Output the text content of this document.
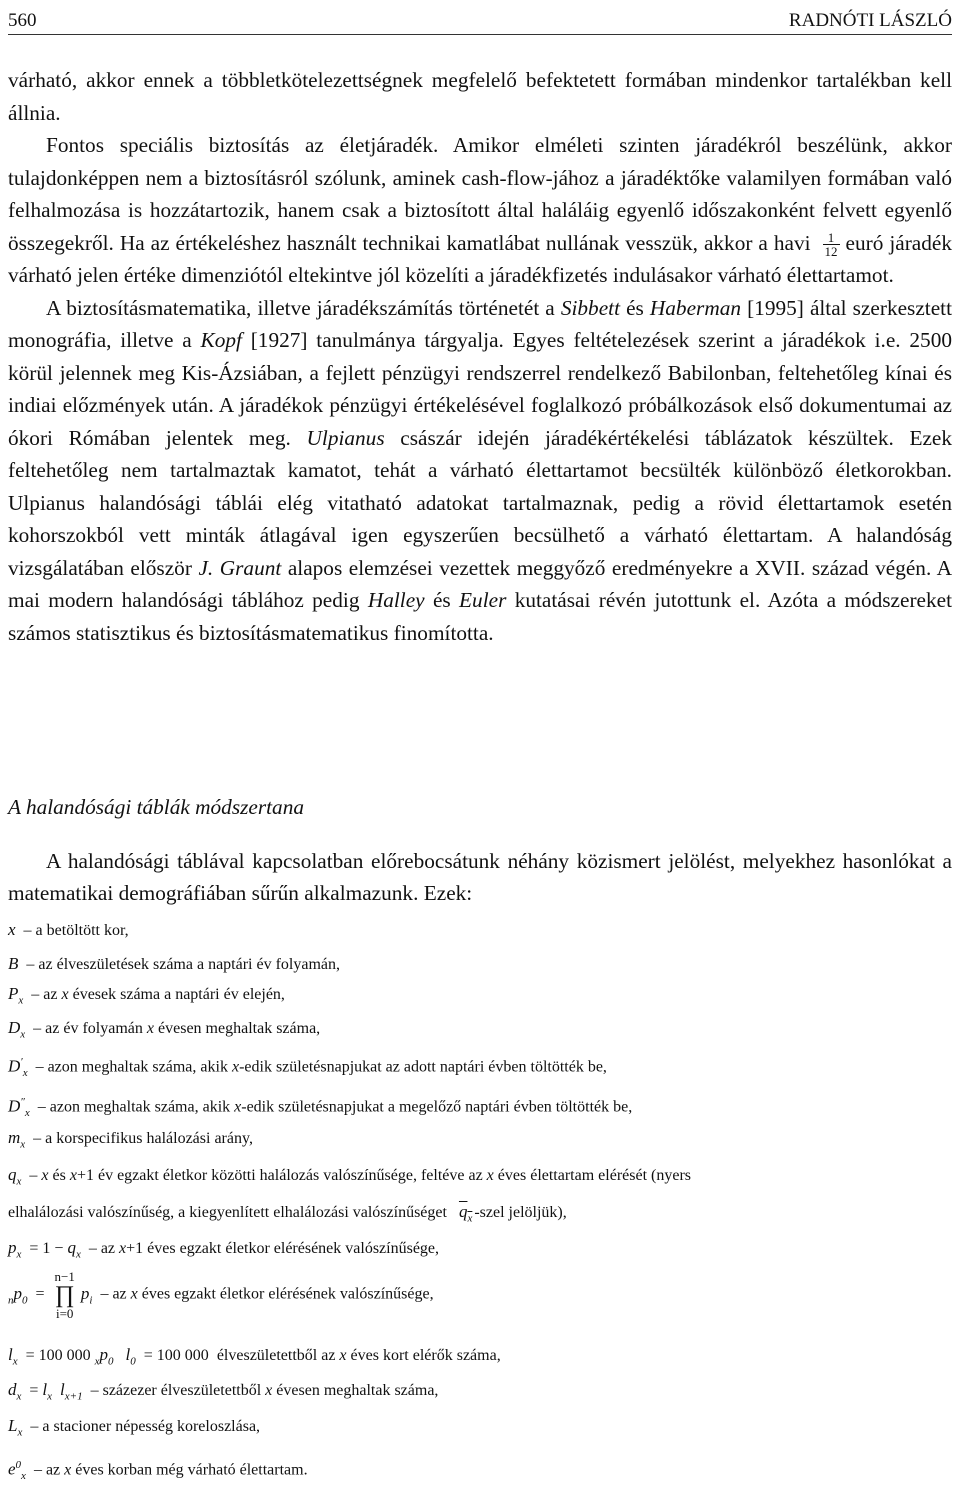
560	RADNÓTI LÁSZLÓ

várható, akkor ennek a többletkötelezettségnek megfelelő befektetett formában mindenkor tartalékban kell állnia.

Fontos speciális biztosítás az életjáradék. Amikor elméleti szinten járadékról beszélünk, akkor tulajdonképpen nem a biztosításról szólunk, aminek cash-flow-jához a járadéktőke valamilyen formában való felhalmozása is hozzátartozik, hanem csak a biztosított által haláláig egyenlő időszakonként felvett egyenlő összegekről. Ha az értékeléshez használt technikai kamatlábat nullának vesszük, akkor a havi $\frac{1}{12}$ euró járadék várható jelen értéke dimenziótól eltekintve jól közelíti a járadékfizetés indulásakor várható élettartamot.

A biztosításmatematika, illetve járadékszámítás történetét a Sibbett és Haberman [1995] által szerkesztett monográfia, illetve a Kopf [1927] tanulmánya tárgyalja. Egyes feltételezések szerint a járadékok i.e. 2500 körül jelennek meg Kis-Ázsiában, a fejlett pénzügyi rendszerrel rendelkező Babilonban, feltehetőleg kínai és indiai előzmények után. A járadékok pénzügyi értékelésével foglalkozó próbálkozások első dokumentumai az ókori Rómában jelentek meg. Ulpianus császár idején járadékértékelési táblázatok készültek. Ezek feltehetőleg nem tartalmaztak kamatot, tehát a várható élettartamot becsülték különböző életkorokban. Ulpianus halandósági táblái elég vitatható adatokat tartalmaznak, pedig a rövid élettartamok esetén kohorszokból vett minták átlagával igen egyszerűen becsülhető a várható élettartam. A halandóság vizsgálatában először J. Graunt alapos elemzései vezettek meggyőző eredményekre a XVII. század végén. A mai modern halandósági táblához pedig Halley és Euler kutatásai révén jutottunk el. Azóta a módszereket számos statisztikus és biztosításmatematikus finomította.

A halandósági táblák módszertana

A halandósági táblával kapcsolatban előrebocsátunk néhány közismert jelölést, melyekhez hasonlókat a matematikai demográfiában sűrűn alkalmazunk. Ezek:

x – a betöltött kor,
B – az élveszületések száma a naptári év folyamán,
$P_x$ – az x évesek száma a naptári év elején,
$D_x$ – az év folyamán x évesen meghaltak száma,
$D'_x$ – azon meghaltak száma, akik x-edik születésnapjukat az adott naptári évben töltötték be,
$D''_x$ – azon meghaltak száma, akik x-edik születésnapjukat a megelőző naptári évben töltötték be,
$m_x$ – a korspecifikus halálozási arány,
$q_x$ – x és x+1 év egzakt életkor közötti halálozás valószínűsége, feltéve az x éves élettartam elérését (nyers
elhalálozási valószínűség, a kiegyenlített elhalálozási valószínűséget $q_x$ -szel jelöljük),
$p_x = 1 - q_x$ – az x+1 éves egzakt életkor elérésének valószínűsége,
$_np_0 = n-1$
∏
$i=0p_i$ – az x éves egzakt életkor elérésének valószínűsége,
$l_x = 100$ 000 $_xp_0$ $l_0 = 100$ 000 élveszületettből az x éves kort elérők száma,
$d_x = l_x$ $l_{x+1}$ – százezer élveszületettből x évesen meghaltak száma,
$L_x$ – a stacioner népesség koreloszlása,
$e^0_x$ – az x éves korban még várható élettartam.
